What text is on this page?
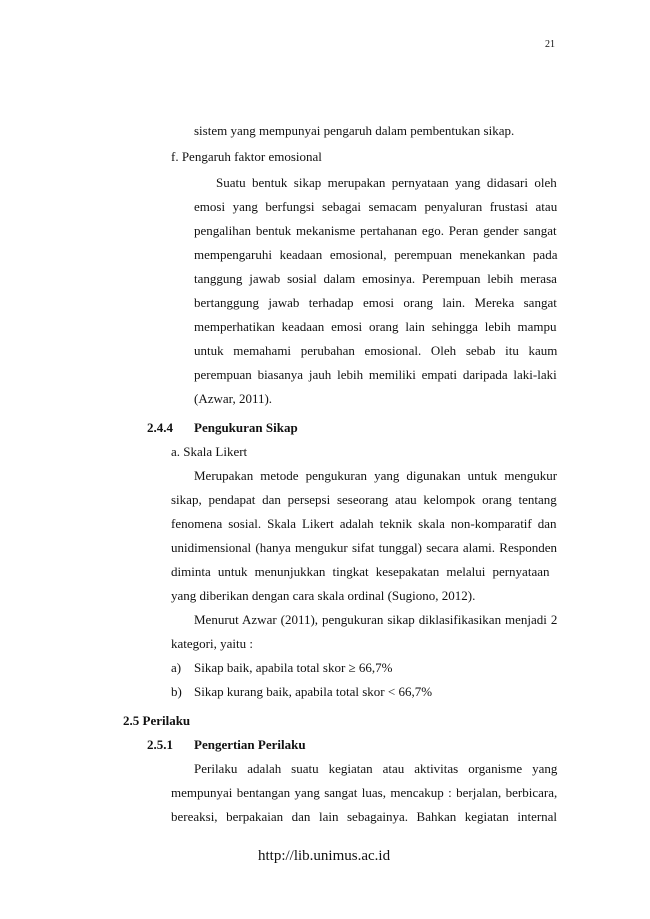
21
sistem yang mempunyai pengaruh dalam pembentukan sikap.
f. Pengaruh faktor emosional
Suatu bentuk sikap merupakan pernyataan yang didasari oleh
emosi yang berfungsi sebagai semacam penyaluran frustasi atau
pengalihan bentuk mekanisme pertahanan ego. Peran gender sangat
mempengaruhi keadaan emosional, perempuan menekankan pada
tanggung jawab sosial dalam emosinya. Perempuan lebih merasa
bertanggung jawab terhadap emosi orang lain. Mereka sangat
memperhatikan keadaan emosi orang lain sehingga lebih mampu
untuk memahami perubahan emosional. Oleh sebab itu kaum
perempuan biasanya jauh lebih memiliki empati daripada laki-laki
(Azwar, 2011).
2.4.4 Pengukuran Sikap
a. Skala Likert
Merupakan metode pengukuran yang digunakan untuk mengukur
sikap, pendapat dan persepsi seseorang atau kelompok orang tentang
fenomena sosial. Skala Likert adalah teknik skala non-komparatif dan
unidimensional (hanya mengukur sifat tunggal) secara alami. Responden
diminta untuk menunjukkan tingkat kesepakatan melalui pernyataan
yang diberikan dengan cara skala ordinal (Sugiono, 2012).
Menurut Azwar (2011), pengukuran sikap diklasifikasikan menjadi 2
kategori, yaitu :
a) Sikap baik, apabila total skor ≥ 66,7%
b) Sikap kurang baik, apabila total skor < 66,7%
2.5 Perilaku
2.5.1 Pengertian Perilaku
Perilaku adalah suatu kegiatan atau aktivitas organisme yang
mempunyai bentangan yang sangat luas, mencakup : berjalan, berbicara,
bereaksi, berpakaian dan lain sebagainya. Bahkan kegiatan internal
http://lib.unimus.ac.id
